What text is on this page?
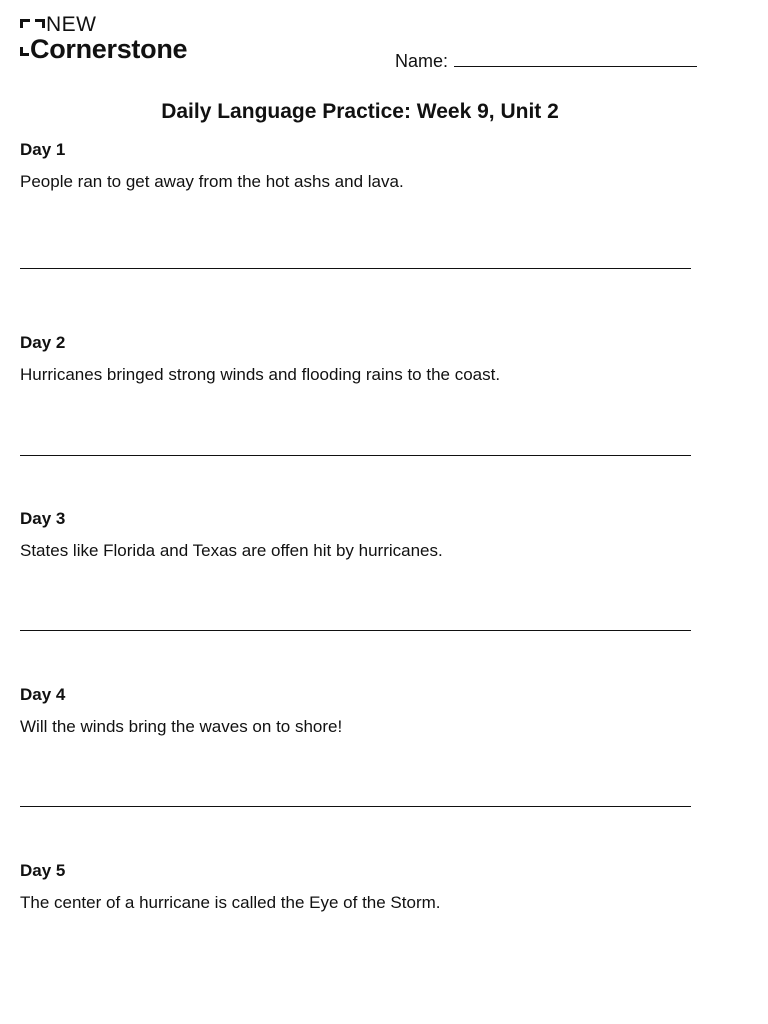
NEW
Cornerstone	Name:
Daily Language Practice: Week 9, Unit 2

Day 1

People ran to get away from the hot ashs and lava.

Day 2

Hurricanes bringed strong winds and flooding rains to the coast.

Day 3

States like Florida and Texas are offen hit by hurricanes.

Day 4

Will the winds bring the waves on to shore!

Day 5

The center of a hurricane is called the Eye of the Storm.
